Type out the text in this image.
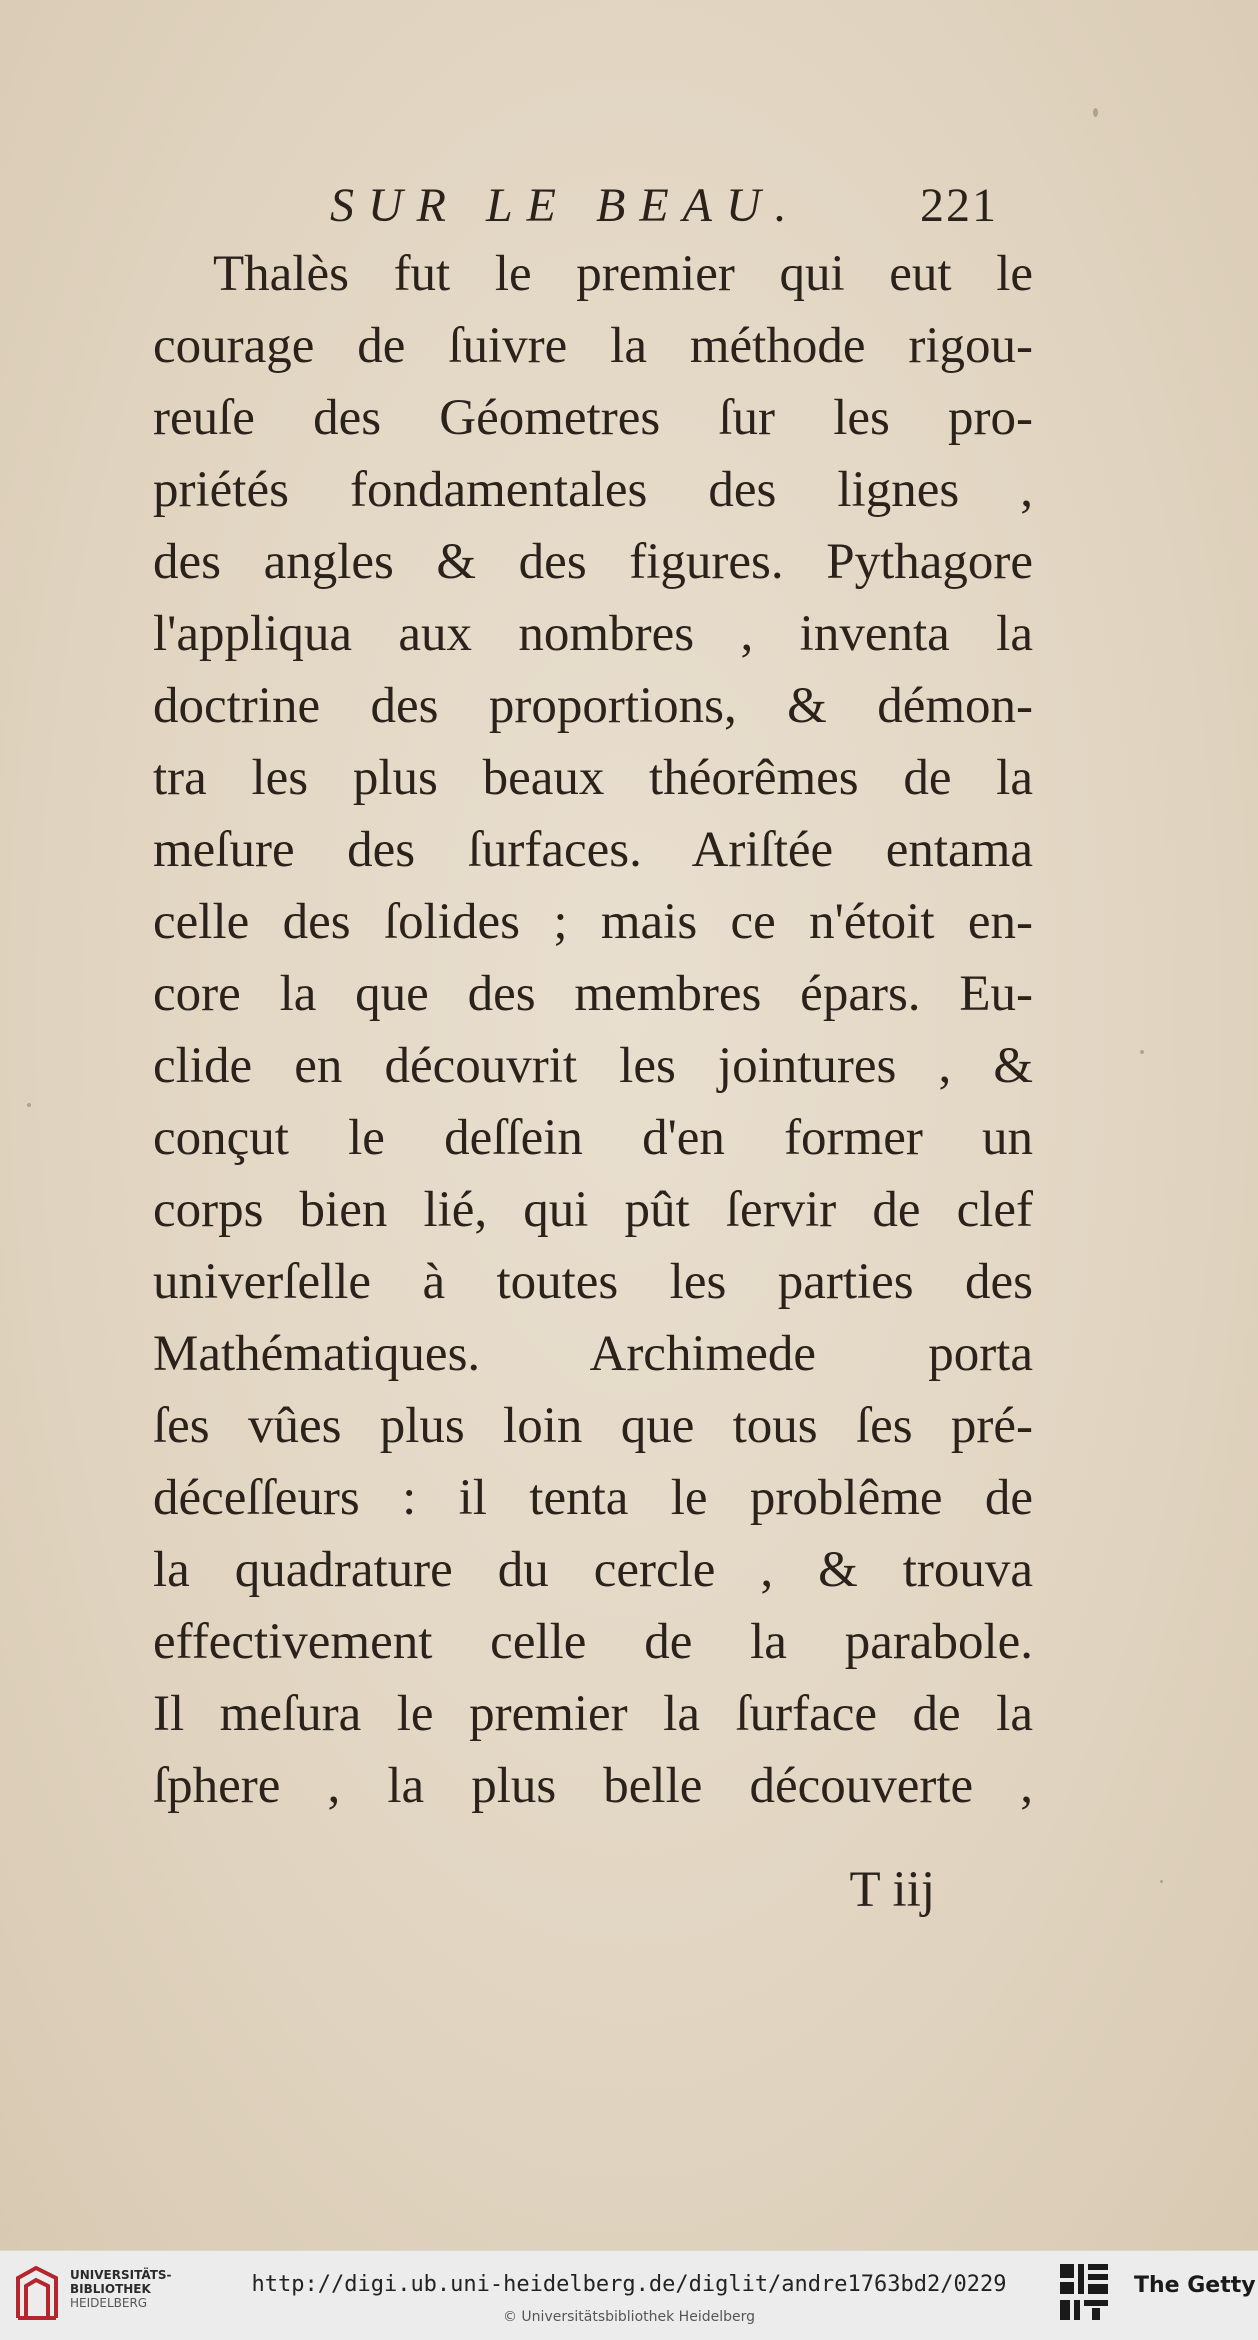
SUR LE BEAU. 221
Thalès fut le premier qui eut le
courage de ſuivre la méthode rigou-
reuſe des Géometres ſur les pro-
priétés fondamentales des lignes ,
des angles & des figures. Pythagore
l'appliqua aux nombres , inventa la
doctrine des proportions, & démon-
tra les plus beaux théorêmes de la
meſure des ſurfaces. Ariſtée entama
celle des ſolides ; mais ce n'étoit en-
core la que des membres épars. Eu-
clide en découvrit les jointures , &
conçut le deſſein d'en former un
corps bien lié, qui pût ſervir de clef
univerſelle à toutes les parties des
Mathématiques. Archimede porta
ſes vûes plus loin que tous ſes pré-
déceſſeurs : il tenta le problême de
la quadrature du cercle , & trouva
effectivement celle de la parabole.
Il meſura le premier la ſurface de la
ſphere , la plus belle découverte ,
T iij
UNIVERSITÄTS-
BIBLIOTHEK
HEIDELBERG
http://digi.ub.uni-heidelberg.de/diglit/andre1763bd2/0229
© Universitätsbibliothek Heidelberg
The Getty
